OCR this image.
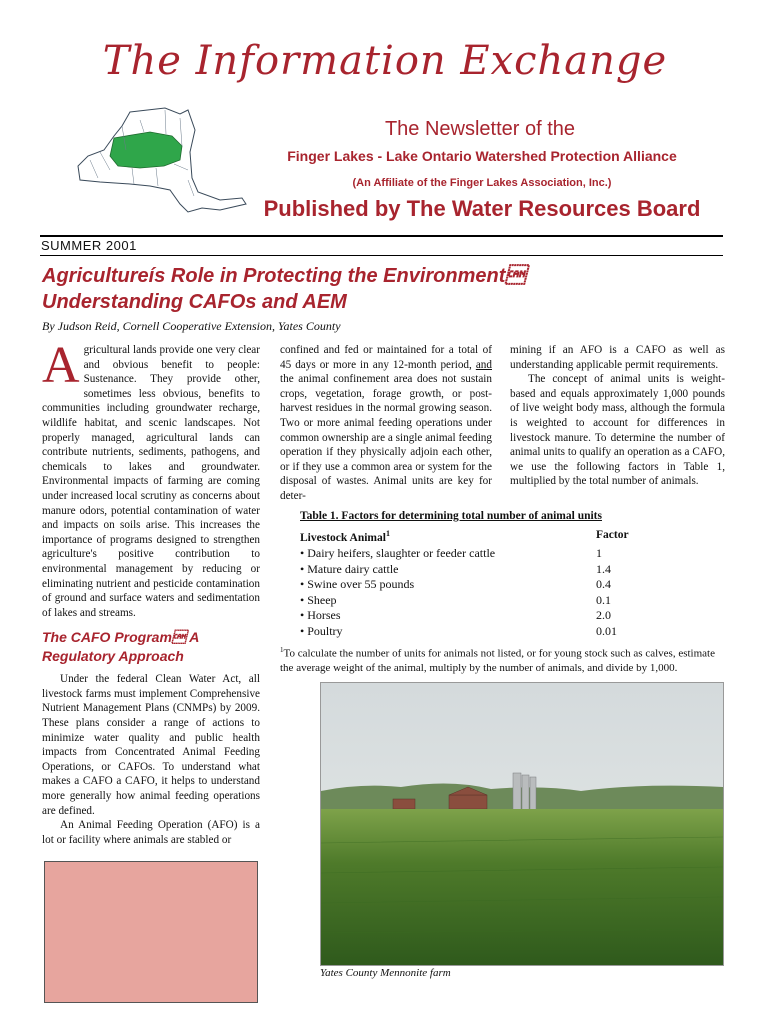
The Information Exchange
The Newsletter of the
Finger Lakes - Lake Ontario Watershed Protection Alliance
(An Affiliate of the Finger Lakes Association, Inc.)
Published by The Water Resources Board
SUMMER 2001
Agricultureís Role in Protecting the Environment
Understanding CAFOs and AEM
By Judson Reid, Cornell Cooperative Extension, Yates County

Agricultural lands provide one very clear and obvious benefit to people: Sustenance. They provide other, sometimes less obvious, benefits to communities including groundwater recharge, wildlife habitat, and scenic landscapes. Not properly managed, agricultural lands can contribute nutrients, sediments, pathogens, and chemicals to lakes and groundwater. Environmental impacts of farming are coming under increased local scrutiny as concerns about manure odors, potential contamination of water and impacts on soils arise. This increases the importance of programs designed to strengthen agriculture's positive contribution to environmental management by reducing or eliminating nutrient and pesticide contamination of ground and surface waters and sedimentation of lakes and streams.

The CAFO Program A Regulatory Approach

Under the federal Clean Water Act, all livestock farms must implement Comprehensive Nutrient Management Plans (CNMPs) by 2009. These plans consider a range of actions to minimize water quality and public health impacts from Concentrated Animal Feeding Operations, or CAFOs. To understand what makes a CAFO a CAFO, it helps to understand more generally how animal feeding operations are defined.

An Animal Feeding Operation (AFO) is a lot or facility where animals are stabled or

confined and fed or maintained for a total of 45 days or more in any 12-month period, and the animal confinement area does not sustain crops, vegetation, forage growth, or post-harvest residues in the normal growing season. Two or more animal feeding operations under common ownership are a single animal feeding operation if they physically adjoin each other, or if they use a common area or system for the disposal of wastes. Animal units are key for deter-

mining if an AFO is a CAFO as well as understanding applicable permit requirements.

The concept of animal units is weight-based and equals approximately 1,000 pounds of live weight body mass, although the formula is weighted to account for differences in livestock manure. To determine the number of animal units to qualify an operation as a CAFO, we use the following factors in Table 1, multiplied by the total number of animals.

Table 1. Factors for determining total number of animal units
Livestock Animal$^1$	Factor
• Dairy heifers, slaughter or feeder cattle	1
• Mature dairy cattle	1.4
• Swine over 55 pounds	0.4
• Sheep	0.1
• Horses	2.0
• Poultry	0.01
$^1$To calculate the number of units for animals not listed, or for young stock such as calves, estimate the average weight of the animal, multiply by the number of animals, and divide by 1,000.
Yates County Mennonite farm
